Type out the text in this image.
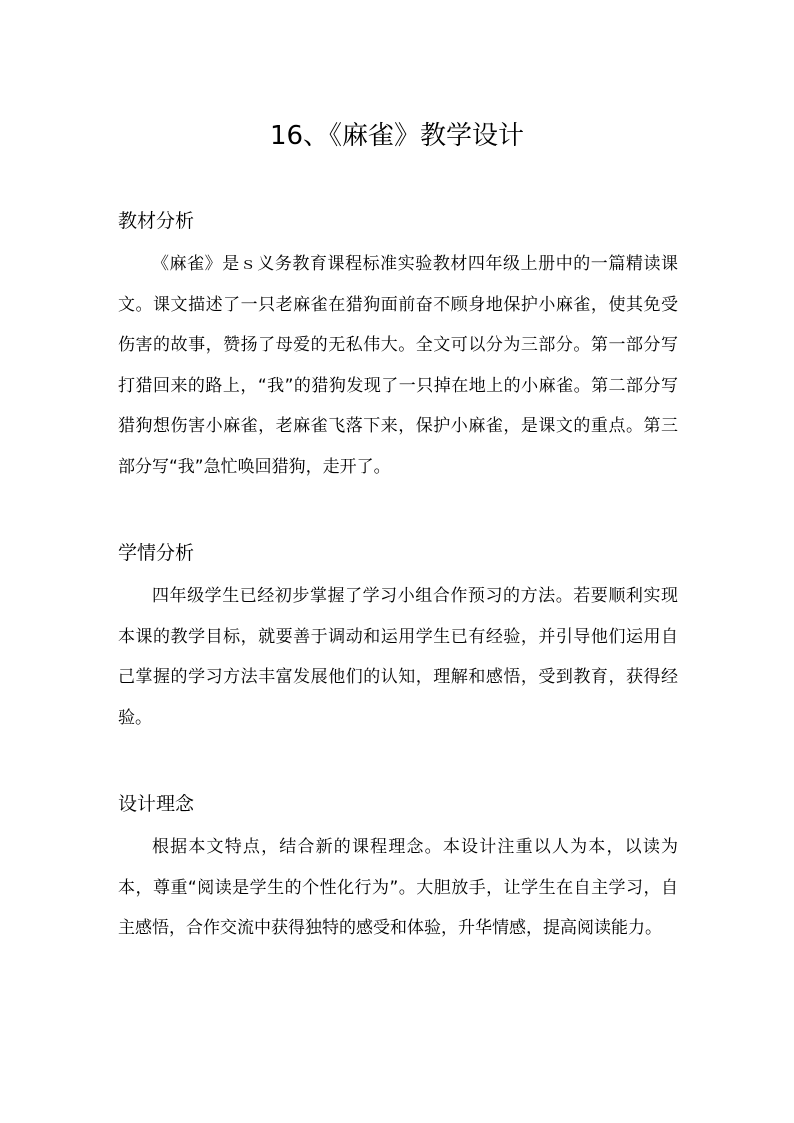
16、《麻雀》教学设计
教材分析

《麻雀》是ｓ义务教育课程标准实验教材四年级上册中的一篇精读课文。课文描述了一只老麻雀在猎狗面前奋不顾身地保护小麻雀，使其免受伤害的故事，赞扬了母爱的无私伟大。全文可以分为三部分。第一部分写打猎回来的路上，“我”的猎狗发现了一只掉在地上的小麻雀。第二部分写猎狗想伤害小麻雀，老麻雀飞落下来，保护小麻雀，是课文的重点。第三部分写“我”急忙唤回猎狗，走开了。

学情分析

四年级学生已经初步掌握了学习小组合作预习的方法。若要顺利实现本课的教学目标，就要善于调动和运用学生已有经验，并引导他们运用自己掌握的学习方法丰富发展他们的认知，理解和感悟，受到教育，获得经验。

设计理念

根据本文特点，结合新的课程理念。本设计注重以人为本，以读为本，尊重“阅读是学生的个性化行为”。大胆放手，让学生在自主学习，自主感悟，合作交流中获得独特的感受和体验，升华情感，提高阅读能力。
